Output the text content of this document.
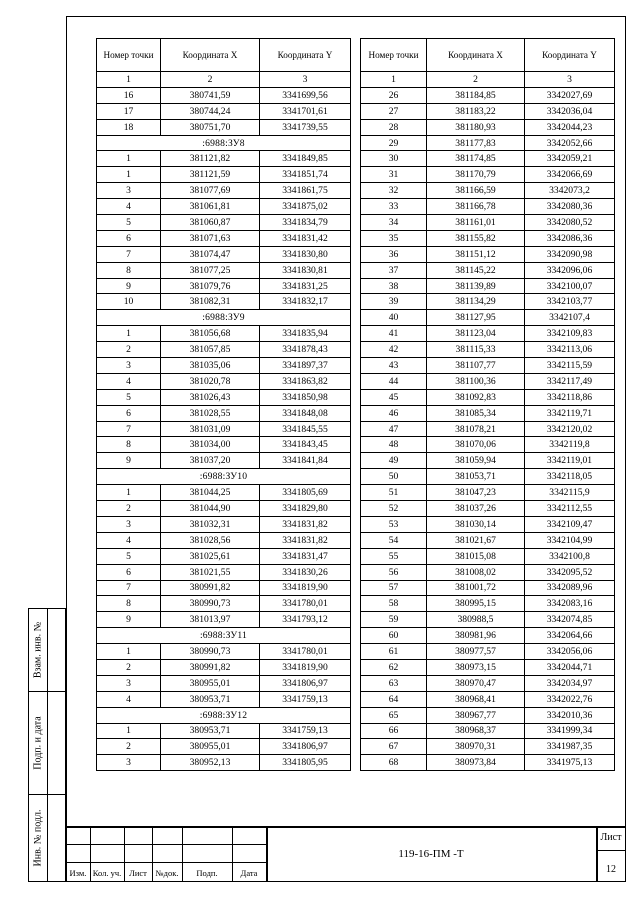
Номер точки	Координата X	Координата Y
1	2	3
16	380741,59	3341699,56
17	380744,24	3341701,61
18	380751,70	3341739,55
:6988:ЗУ8		
1	381121,82	3341849,85
1	381121,59	3341851,74
3	381077,69	3341861,75
4	381061,81	3341875,02
5	381060,87	3341834,79
6	381071,63	3341831,42
7	381074,47	3341830,80
8	381077,25	3341830,81
9	381079,76	3341831,25
10	381082,31	3341832,17
:6988:ЗУ9		
1	381056,68	3341835,94
2	381057,85	3341878,43
3	381035,06	3341897,37
4	381020,78	3341863,82
5	381026,43	3341850,98
6	381028,55	3341848,08
7	381031,09	3341845,55
8	381034,00	3341843,45
9	381037,20	3341841,84
:6988:ЗУ10		
1	381044,25	3341805,69
2	381044,90	3341829,80
3	381032,31	3341831,82
4	381028,56	3341831,82
5	381025,61	3341831,47
6	381021,55	3341830,26
7	380991,82	3341819,90
8	380990,73	3341780,01
9	381013,97	3341793,12
:6988:ЗУ11		
1	380990,73	3341780,01
2	380991,82	3341819,90
3	380955,01	3341806,97
4	380953,71	3341759,13
:6988:ЗУ12		
1	380953,71	3341759,13
2	380955,01	3341806,97
3	380952,13	3341805,95
Номер точки	Координата X	Координата Y
1	2	3
26	381184,85	3342027,69
27	381183,22	3342036,04
28	381180,93	3342044,23
29	381177,83	3342052,66
30	381174,85	3342059,21
31	381170,79	3342066,69
32	381166,59	3342073,2
33	381166,78	3342080,36
34	381161,01	3342080,52
35	381155,82	3342086,36
36	381151,12	3342090,98
37	381145,22	3342096,06
38	381139,89	3342100,07
39	381134,29	3342103,77
40	381127,95	3342107,4
41	381123,04	3342109,83
42	381115,33	3342113,06
43	381107,77	3342115,59
44	381100,36	3342117,49
45	381092,83	3342118,86
46	381085,34	3342119,71
47	381078,21	3342120,02
48	381070,06	3342119,8
49	381059,94	3342119,01
50	381053,71	3342118,05
51	381047,23	3342115,9
52	381037,26	3342112,55
53	381030,14	3342109,47
54	381021,67	3342104,99
55	381015,08	3342100,8
56	381008,02	3342095,52
57	381001,72	3342089,96
58	380995,15	3342083,16
59	380988,5	3342074,85
60	380981,96	3342064,66
61	380977,57	3342056,06
62	380973,15	3342044,71
63	380970,47	3342034,97
64	380968,41	3342022,76
65	380967,77	3342010,36
66	380968,37	3341999,34
67	380970,31	3341987,35
68	380973,84	3341975,13
Взам. инв. №
Подп. и дата
Инв. № подл.
Изм. Кол. уч. Лист	№док.	Подп.	Дата
119-16-ПМ -Т
Лист
12
